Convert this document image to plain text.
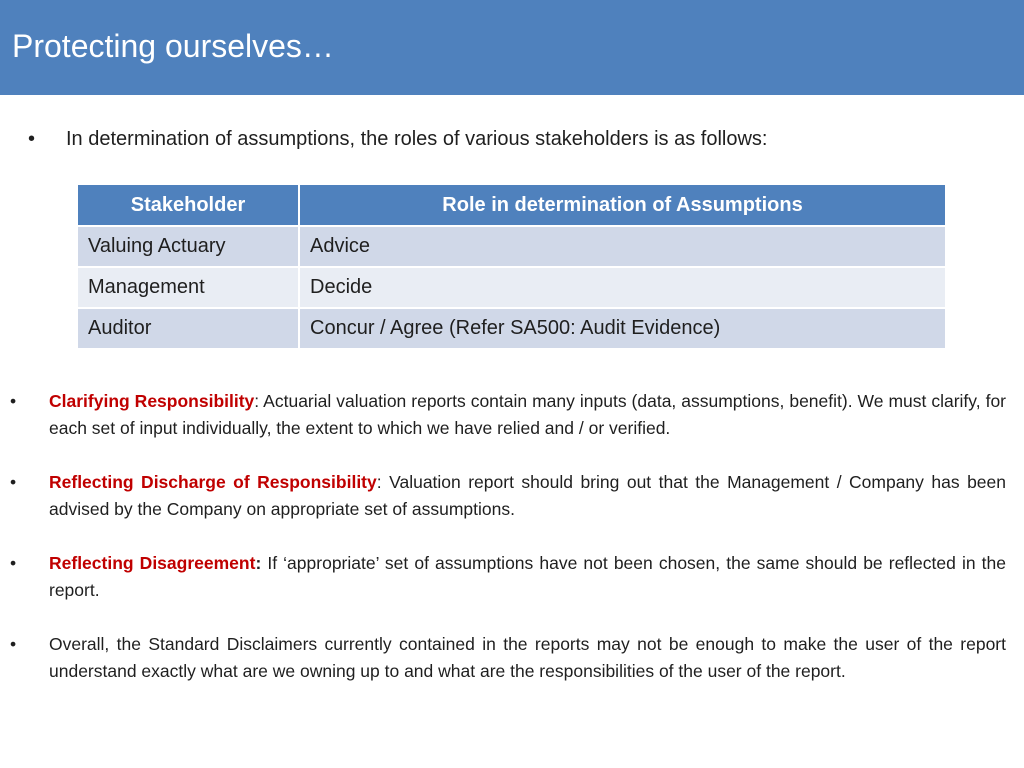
Protecting ourselves…
• In determination of assumptions, the roles of various stakeholders is as follows:
Stakeholder	Role in determination of Assumptions
Valuing Actuary	Advice
Management	Decide
Auditor	Concur / Agree (Refer SA500: Audit Evidence)
• Clarifying Responsibility: Actuarial valuation reports contain many inputs (data, assumptions, benefit). We must clarify, for each set of input individually, the extent to which we have relied and / or verified.
• Reflecting Discharge of Responsibility: Valuation report should bring out that the Management / Company has been advised by the Company on appropriate set of assumptions.
• Reflecting Disagreement: If ‘appropriate’ set of assumptions have not been chosen, the same should be reflected in the report.
• Overall, the Standard Disclaimers currently contained in the reports may not be enough to make the user of the report understand exactly what are we owning up to and what are the responsibilities of the user of the report.
